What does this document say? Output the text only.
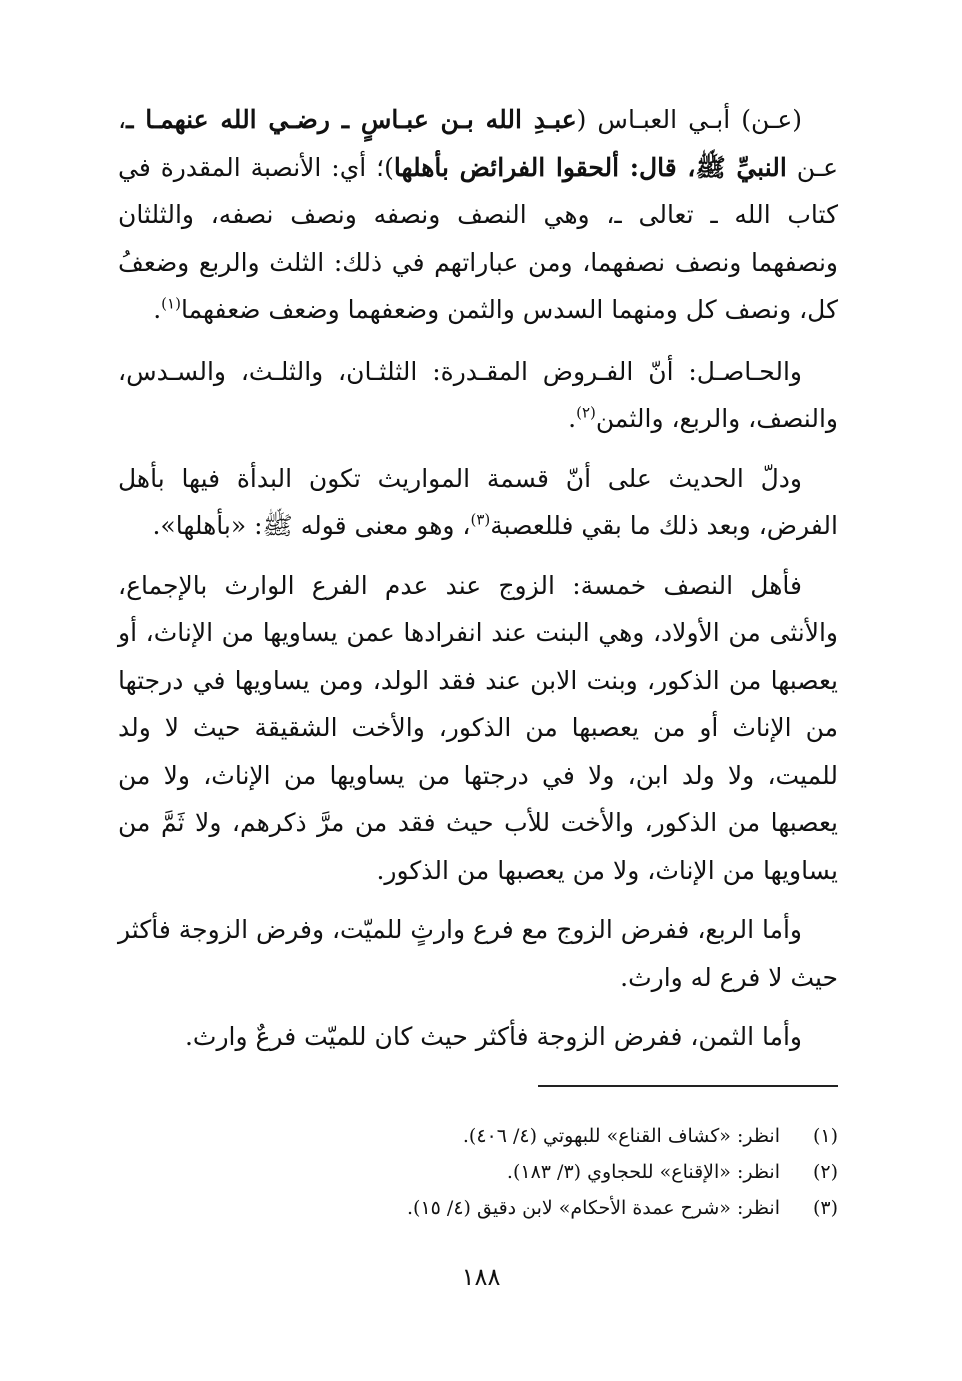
(عـن) أبـي العبـاس (عبـدِ الله بـن عبـاسٍ ـ رضـي الله عنهمـا ـ، عـن النبيِّ ﷺ، قال: ألحقوا الفرائض بأهلها)؛ أي: الأنصبة المقدرة في كتاب الله ـ تعالى ـ، وهي النصف ونصفه ونصف نصفه، والثلثان ونصفهما ونصف نصفهما، ومن عباراتهم في ذلك: الثلث والربع وضعفُ كل، ونصف كل ومنهما السدس والثمن وضعفهما وضعف ضعفهما$^{(١)}$.

والحـاصـل: أنّ الفـروض المقـدرة: الثلثـان، والثلـث، والسـدس، والنصف، والربع، والثمن$^{(٢)}$.

ودلّ الحديث على أنّ قسمة المواريث تكون البدأة فيها بأهل الفرض، وبعد ذلك ما بقي فللعصبة$^{(٣)}$، وهو معنى قوله ﷺ: «بأهلها».

فأهل النصف خمسة: الزوج عند عدم الفرع الوارث بالإجماع، والأنثى من الأولاد، وهي البنت عند انفرادها عمن يساويها من الإناث، أو يعصبها من الذكور، وبنت الابن عند فقد الولد، ومن يساويها في درجتها من الإناث أو من يعصبها من الذكور، والأخت الشقيقة حيث لا ولد للميت، ولا ولد ابن، ولا في درجتها من يساويها من الإناث، ولا من يعصبها من الذكور، والأخت للأب حيث فقد من مرَّ ذكرهم، ولا ثَمَّ من يساويها من الإناث، ولا من يعصبها من الذكور.

وأما الربع، ففرض الزوج مع فرع وارثٍ للميّت، وفرض الزوجة فأكثر حيث لا فرع له وارث.

وأما الثمن، ففرض الزوجة فأكثر حيث كان للميّت فرعٌ وارث.

(١)انظر: «كشاف القناع» للبهوتي (٤/ ٤٠٦).
(٢)انظر: «الإقناع» للحجاوي (٣/ ١٨٣).
(٣)انظر: «شرح عمدة الأحكام» لابن دقيق (٤/ ١٥).
١٨٨
